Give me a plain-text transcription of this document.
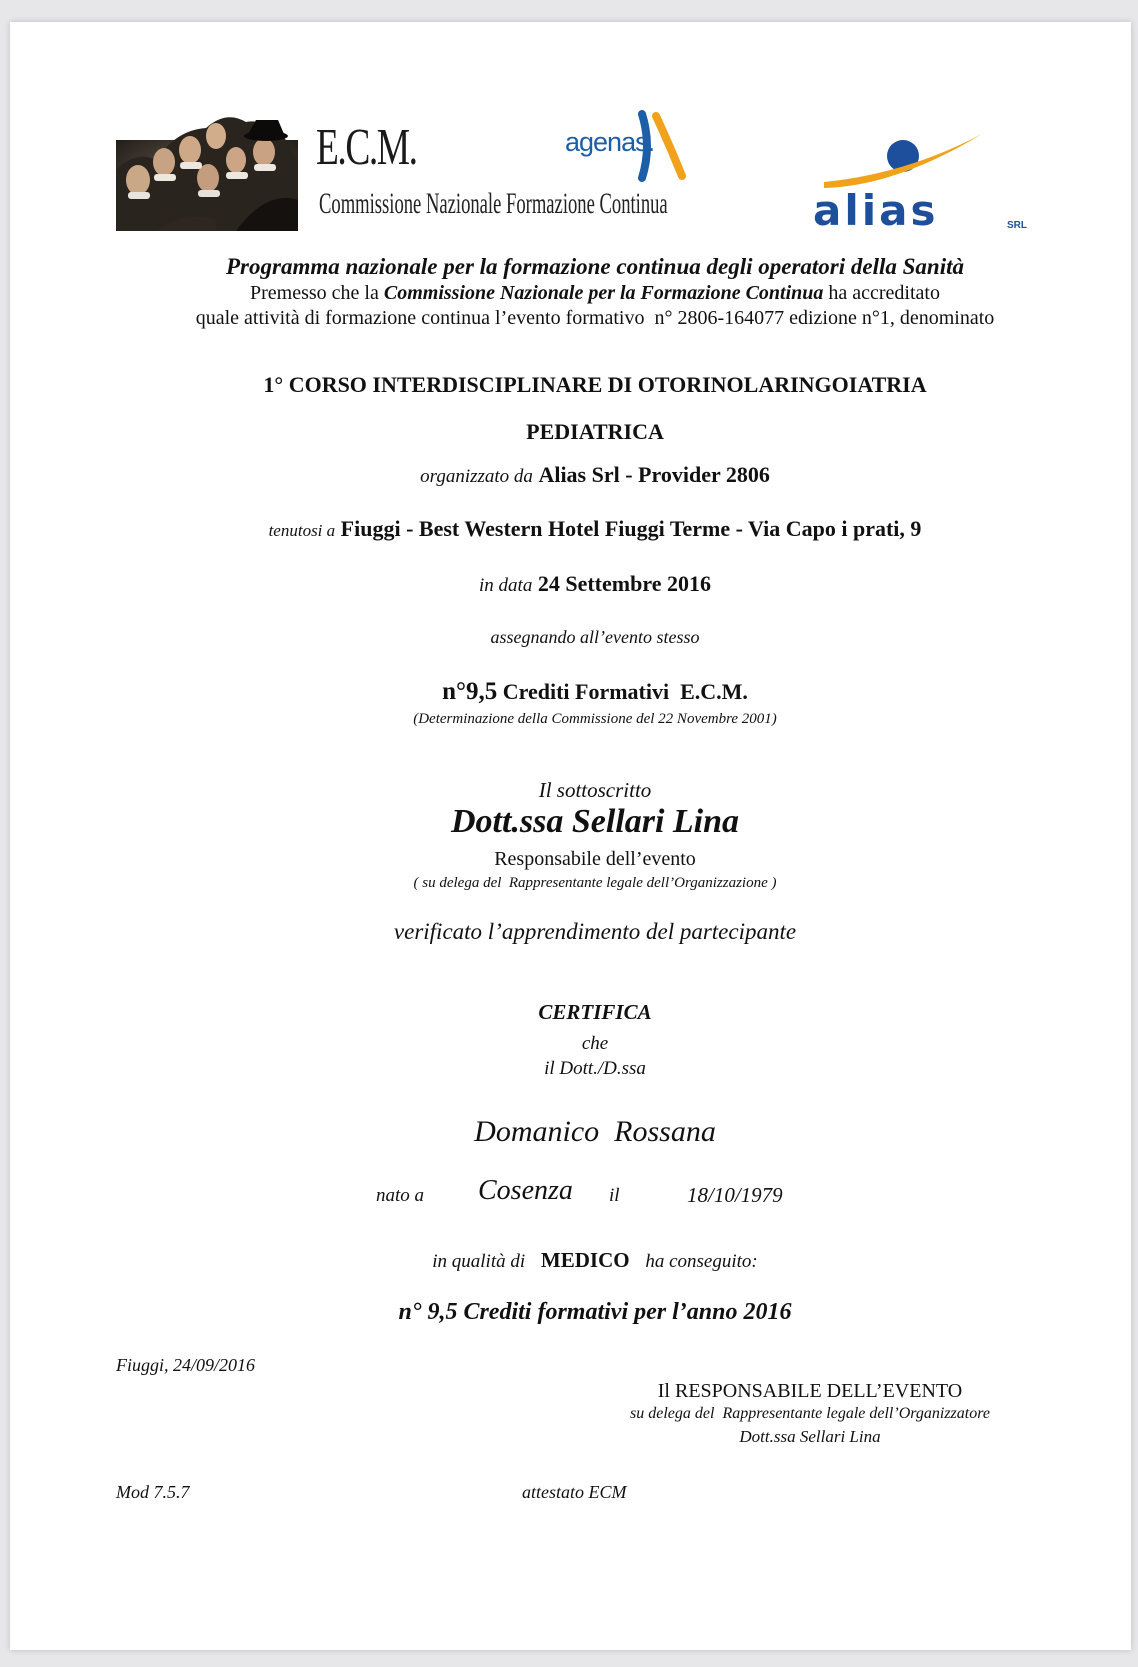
E.C.M.
Commissione Nazionale Formazione Continua
agenas.
alias	SRL
Programma nazionale per la formazione continua degli operatori della Sanità
Premesso che la Commissione Nazionale per la Formazione Continua ha accreditato
quale attività di formazione continua l’evento formativo  n° 2806-164077 edizione n°1, denominato
1° CORSO INTERDISCIPLINARE DI OTORINOLARINGOIATRIA
PEDIATRICA
organizzato da Alias Srl - Provider 2806
tenutosi a Fiuggi - Best Western Hotel Fiuggi Terme - Via Capo i prati, 9
in data 24 Settembre 2016
assegnando all’evento stesso
n°9,5 Crediti Formativi  E.C.M.
(Determinazione della Commissione del 22 Novembre 2001)
Il sottoscritto
Dott.ssa Sellari Lina
Responsabile dell’evento
( su delega del  Rappresentante legale dell’Organizzazione )
verificato l’apprendimento del partecipante
CERTIFICA
che
il Dott./D.ssa
Domanico  Rossana
nato a Cosenza il	18/10/1979
in qualità di MEDICO ha conseguito:
n° 9,5 Crediti formativi per l’anno 2016
Fiuggi, 24/09/2016
Il RESPONSABILE DELL’EVENTO
su delega del  Rappresentante legale dell’Organizzatore
Dott.ssa Sellari Lina
Mod 7.5.7	attestato ECM
